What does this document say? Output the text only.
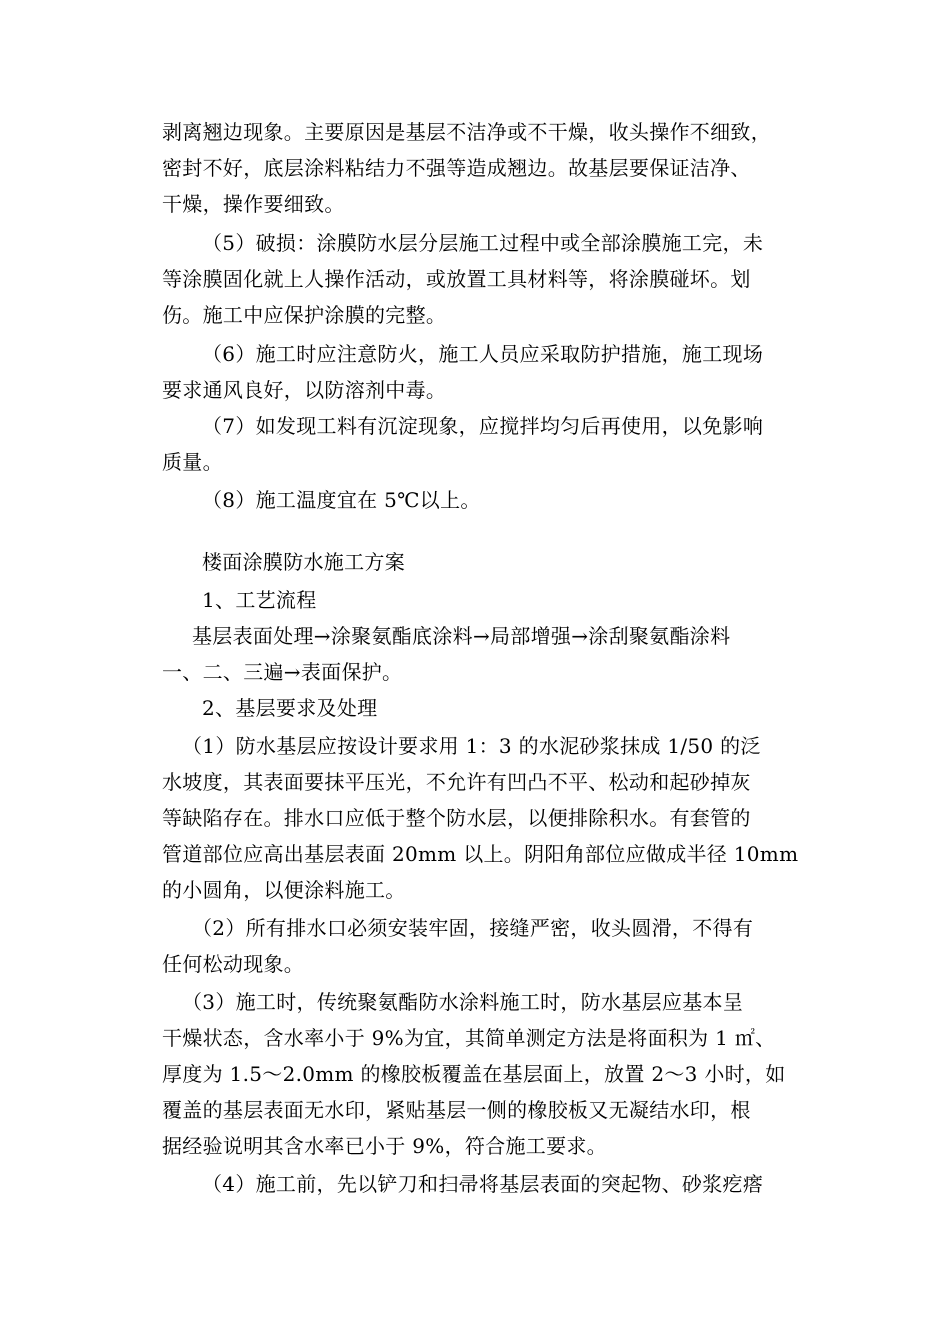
剥离翘边现象。主要原因是基层不洁净或不干燥，收头操作不细致，
密封不好，底层涂料粘结力不强等造成翘边。故基层要保证洁净、
干燥，操作要细致。
（5）破损：涂膜防水层分层施工过程中或全部涂膜施工完，未
等涂膜固化就上人操作活动，或放置工具材料等，将涂膜碰坏。划
伤。施工中应保护涂膜的完整。
（6）施工时应注意防火，施工人员应采取防护措施，施工现场
要求通风良好，以防溶剂中毒。
（7）如发现工料有沉淀现象，应搅拌均匀后再使用，以免影响
质量。
（8）施工温度宜在 5℃以上。
楼面涂膜防水施工方案
1、工艺流程
基层表面处理→涂聚氨酯底涂料→局部增强→涂刮聚氨酯涂料
一、二、三遍→表面保护。
2、基层要求及处理
（1）防水基层应按设计要求用 1：3 的水泥砂浆抹成 1/50 的泛
水坡度，其表面要抹平压光，不允许有凹凸不平、松动和起砂掉灰
等缺陷存在。排水口应低于整个防水层，以便排除积水。有套管的
管道部位应高出基层表面 20mm 以上。阴阳角部位应做成半径 10mm
的小圆角，以便涂料施工。
（2）所有排水口必须安装牢固，接缝严密，收头圆滑，不得有
任何松动现象。
（3）施工时，传统聚氨酯防水涂料施工时，防水基层应基本呈
干燥状态，含水率小于 9%为宜，其简单测定方法是将面积为 1 ㎡、
厚度为 1.5～2.0mm 的橡胶板覆盖在基层面上，放置 2～3 小时，如
覆盖的基层表面无水印，紧贴基层一侧的橡胶板又无凝结水印，根
据经验说明其含水率已小于 9%，符合施工要求。
（4）施工前，先以铲刀和扫帚将基层表面的突起物、砂浆疙瘩
